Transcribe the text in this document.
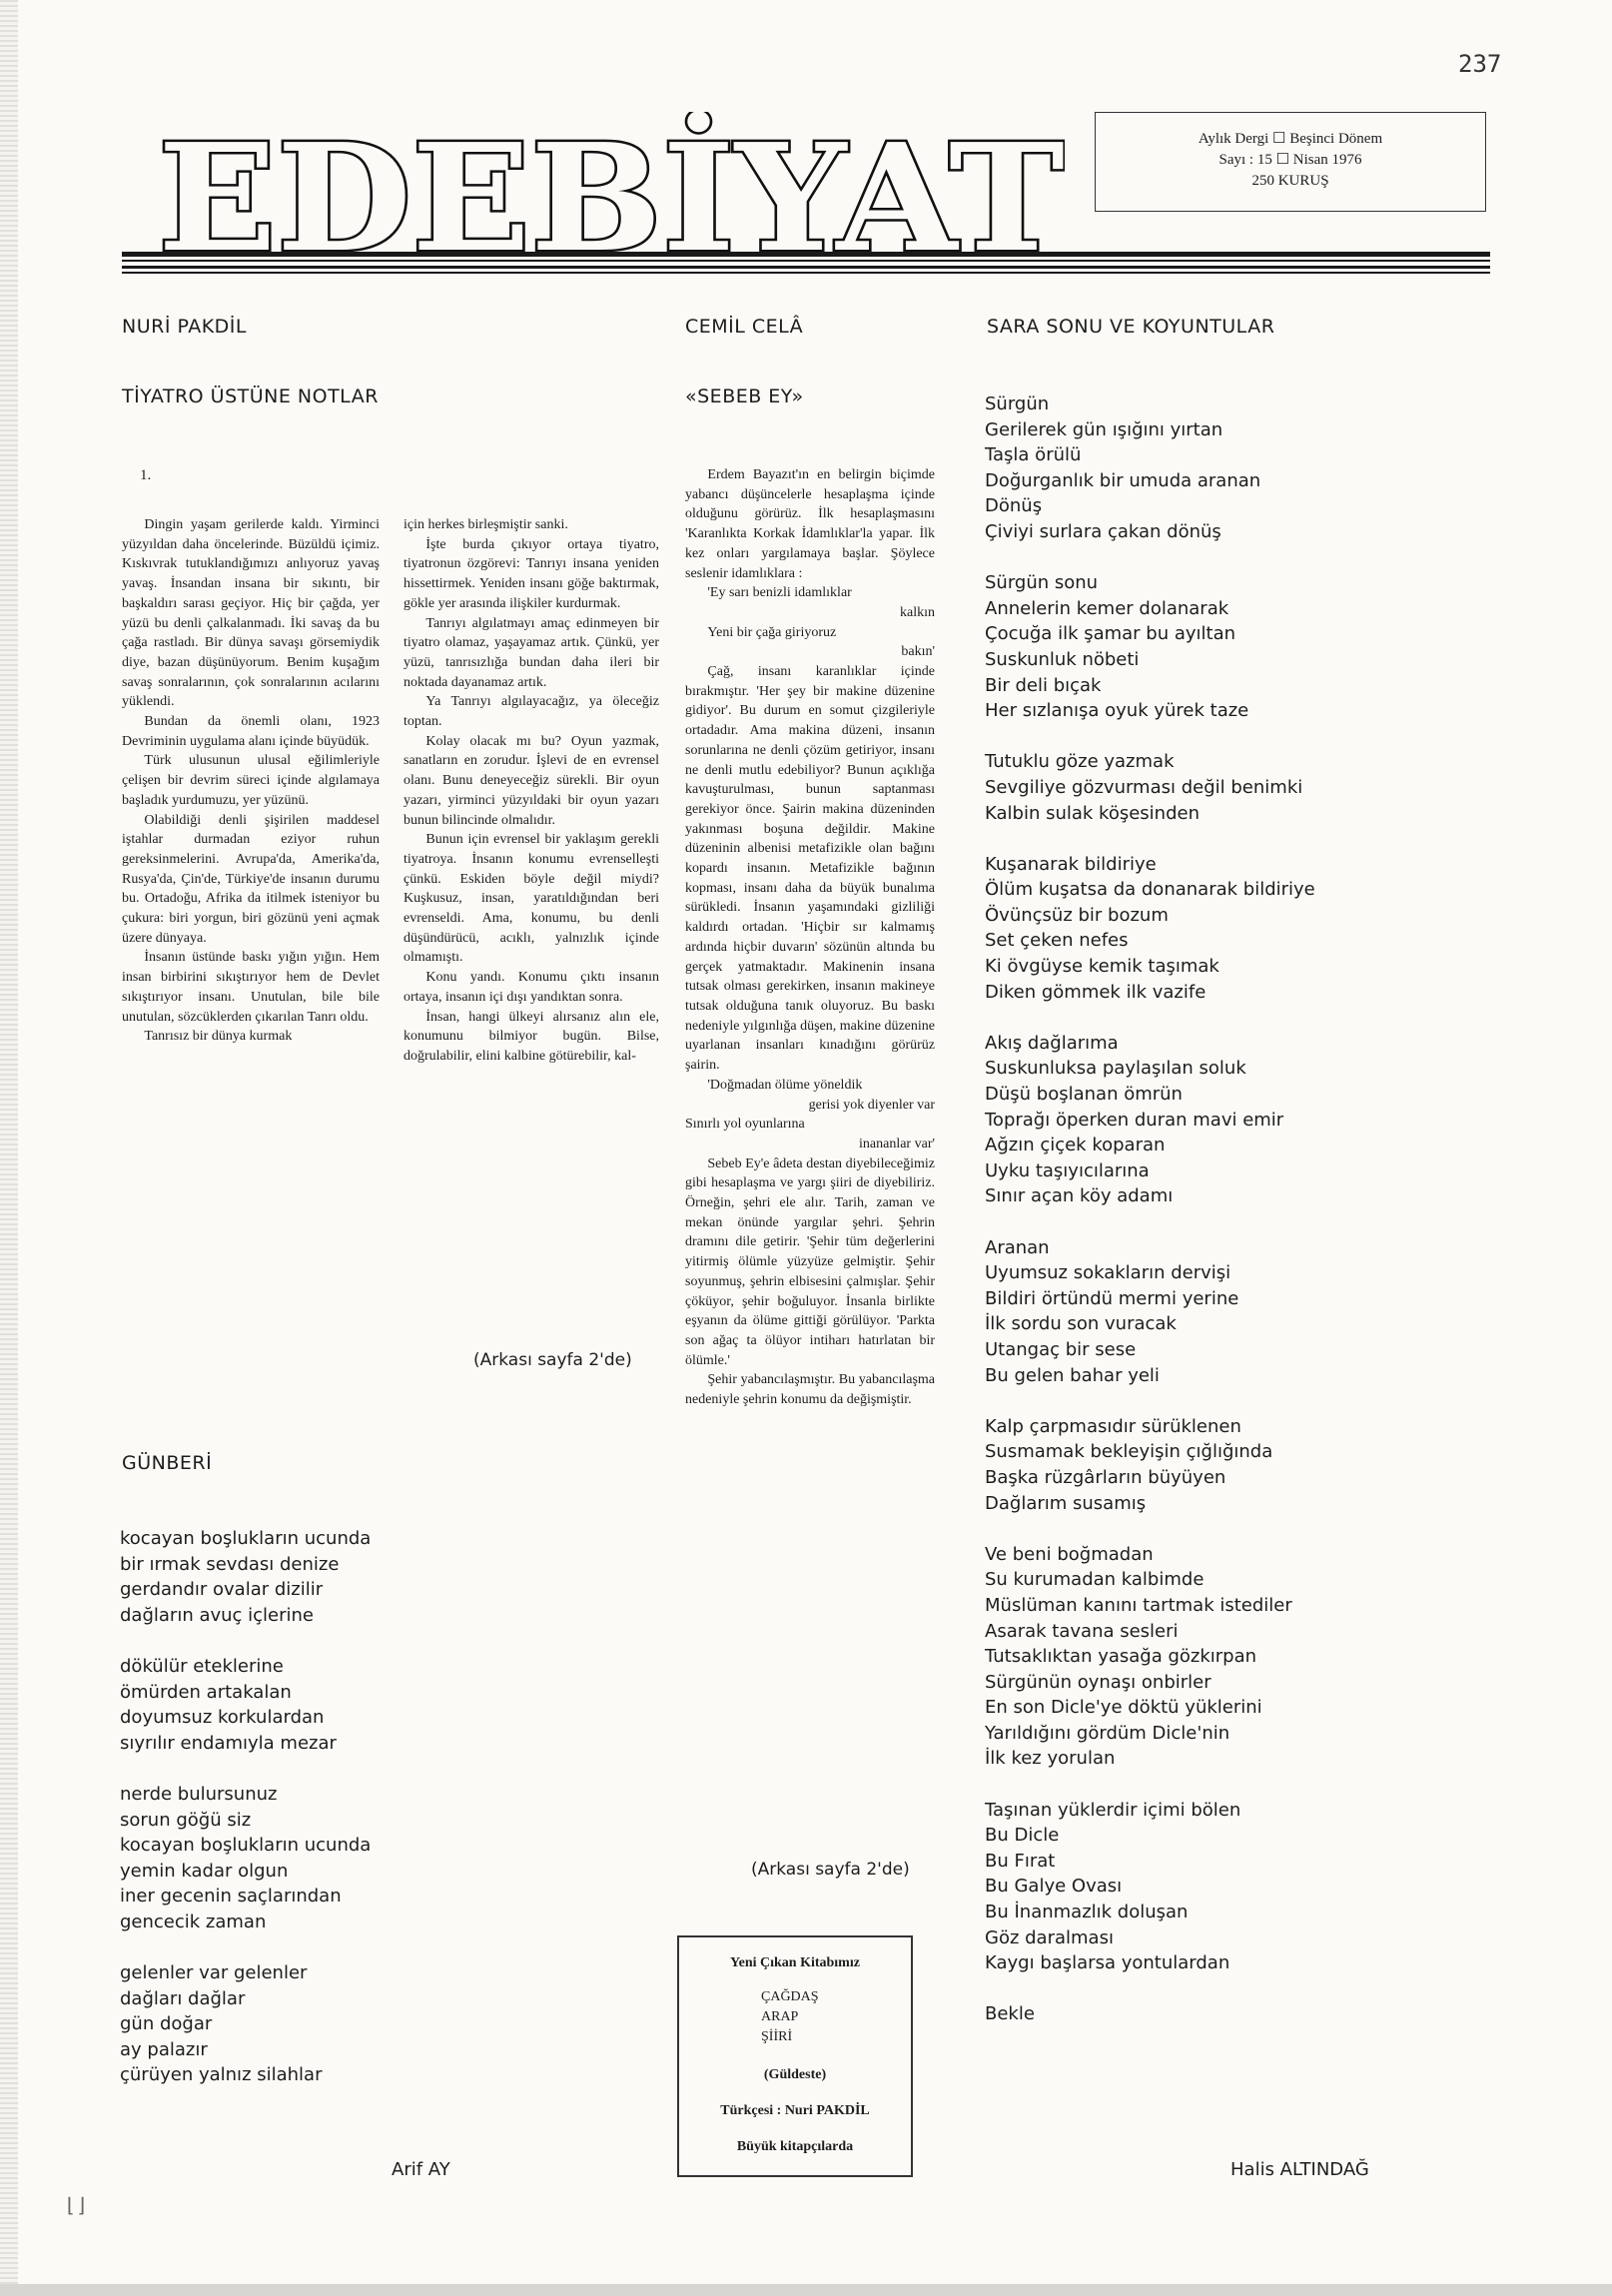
237
EDEBİYAT	Aylık Dergi ☐ Beşinci Dönem
Sayı : 15 ☐ Nisan 1976
250 KURUŞ
NURİ PAKDİL
TİYATRO ÜSTÜNE NOTLAR
1.

Dingin yaşam gerilerde kaldı. Yirminci yüzyıldan daha öncelerinde. Büzüldü içimiz. Kıskıvrak tutuklandığımızı anlıyoruz yavaş yavaş. İnsandan insana bir sıkıntı, bir başkaldırı sarası geçiyor. Hiç bir çağda, yer yüzü bu denli çalkalanmadı. İki savaş da bu çağa rastladı. Bir dünya savaşı görsemiydik diye, bazan düşünüyorum. Benim kuşağım savaş sonralarının, çok sonralarının acılarını yüklendi.

Bundan da önemli olanı, 1923 Devriminin uygulama alanı içinde büyüdük.

Türk ulusunun ulusal eğilimleriyle çelişen bir devrim süreci içinde algılamaya başladık yurdumuzu, yer yüzünü.

Olabildiği denli şişirilen maddesel iştahlar durmadan eziyor ruhun gereksinmelerini. Avrupa'da, Amerika'da, Rusya'da, Çin'de, Türkiye'de insanın durumu bu. Ortadoğu, Afrika da itilmek isteniyor bu çukura: biri yorgun, biri gözünü yeni açmak üzere dünyaya.

İnsanın üstünde baskı yığın yığın. Hem insan birbirini sıkıştırıyor hem de Devlet sıkıştırıyor insanı. Unutulan, bile bile unutulan, sözcüklerden çıkarılan Tanrı oldu.

Tanrısız bir dünya kurmak

için herkes birleşmiştir sanki.

İşte burda çıkıyor ortaya tiyatro, tiyatronun özgörevi: Tanrıyı insana yeniden hissettirmek. Yeniden insanı göğe baktırmak, gökle yer arasında ilişkiler kurdurmak.

Tanrıyı algılatmayı amaç edinmeyen bir tiyatro olamaz, yaşayamaz artık. Çünkü, yer yüzü, tanrısızlığa bundan daha ileri bir noktada dayanamaz artık.

Ya Tanrıyı algılayacağız, ya öleceğiz toptan.

Kolay olacak mı bu? Oyun yazmak, sanatların en zorudur. İşlevi de en evrensel olanı. Bunu deneyeceğiz sürekli. Bir oyun yazarı, yirminci yüzyıldaki bir oyun yazarı bunun bilincinde olmalıdır.

Bunun için evrensel bir yaklaşım gerekli tiyatroya. İnsanın konumu evrenselleşti çünkü. Eskiden böyle değil miydi? Kuşkusuz, insan, yaratıldığından beri evrenseldi. Ama, konumu, bu denli düşündürücü, acıklı, yalnızlık içinde olmamıştı.

Konu yandı. Konumu çıktı insanın ortaya, insanın içi dışı yandıktan sonra.

İnsan, hangi ülkeyi alırsanız alın ele, konumunu bilmiyor bugün. Bilse, doğrulabilir, elini kalbine götürebilir, kal-

(Arkası sayfa 2'de)
GÜNBERİ
kocayan boşlukların ucunda
bir ırmak sevdası denize
gerdandır ovalar dizilir
dağların avuç içlerine
dökülür eteklerine
ömürden artakalan
doyumsuz korkulardan
sıyrılır endamıyla mezar
nerde bulursunuz
sorun göğü siz
kocayan boşlukların ucunda
yemin kadar olgun
iner gecenin saçlarından
gencecik zaman
gelenler var gelenler
dağları dağlar
gün doğar
ay palazır
çürüyen yalnız silahlar
Arif AY
CEMİL CELÂ
«SEBEB EY»

Erdem Bayazıt'ın en belirgin biçimde yabancı düşüncelerle hesaplaşma içinde olduğunu görürüz. İlk hesaplaşmasını 'Karanlıkta Korkak İdamlıklar'la yapar. İlk kez onları yargılamaya başlar. Şöylece seslenir idamlıklara :

'Ey sarı benizli idamlıklar

kalkın

Yeni bir çağa giriyoruz

bakın'

Çağ, insanı karanlıklar içinde bırakmıştır. 'Her şey bir makine düzenine gidiyor'. Bu durum en somut çizgileriyle ortadadır. Ama makina düzeni, insanın sorunlarına ne denli çözüm getiriyor, insanı ne denli mutlu edebiliyor? Bunun açıklığa kavuşturulması, bunun saptanması gerekiyor önce. Şairin makina düzeninden yakınması boşuna değildir. Makine düzeninin albenisi metafizikle olan bağını kopardı insanın. Metafizikle bağının kopması, insanı daha da büyük bunalıma sürükledi. İnsanın yaşamındaki gizliliği kaldırdı ortadan. 'Hiçbir sır kalmamış ardında hiçbir duvarın' sözünün altında bu gerçek yatmaktadır. Makinenin insana tutsak olması gerekirken, insanın makineye tutsak olduğuna tanık oluyoruz. Bu baskı nedeniyle yılgınlığa düşen, makine düzenine uyarlanan insanları kınadığını görürüz şairin.

'Doğmadan ölüme yöneldik

gerisi yok diyenler var

Sınırlı yol oyunlarına

inananlar var'

Sebeb Ey'e âdeta destan diyebileceğimiz gibi hesaplaşma ve yargı şiiri de diyebiliriz. Örneğin, şehri ele alır. Tarih, zaman ve mekan önünde yargılar şehri. Şehrin dramını dile getirir. 'Şehir tüm değerlerini yitirmiş ölümle yüzyüze gelmiştir. Şehir soyunmuş, şehrin elbisesini çalmışlar. Şehir çöküyor, şehir boğuluyor. İnsanla birlikte eşyanın da ölüme gittiği görülüyor. 'Parkta son ağaç ta ölüyor intiharı hatırlatan bir ölümle.'

Şehir yabancılaşmıştır. Bu yabancılaşma nedeniyle şehrin konumu da değişmiştir.

(Arkası sayfa 2'de)
Yeni Çıkan Kitabımız
ÇAĞDAŞ
ARAP
ŞİİRİ
(Güldeste)
Türkçesi : Nuri PAKDİL
Büyük kitapçılarda
SARA SONU VE KOYUNTULAR
Sürgün
Gerilerek gün ışığını yırtan
Taşla örülü
Doğurganlık bir umuda aranan
Dönüş
Çiviyi surlara çakan dönüş
Sürgün sonu
Annelerin kemer dolanarak
Çocuğa ilk şamar bu ayıltan
Suskunluk nöbeti
Bir deli bıçak
Her sızlanışa oyuk yürek taze
Tutuklu göze yazmak
Sevgiliye gözvurması değil benimki
Kalbin sulak köşesinden
Kuşanarak bildiriye
Ölüm kuşatsa da donanarak bildiriye
Övünçsüz bir bozum
Set çeken nefes
Ki övgüyse kemik taşımak
Diken gömmek ilk vazife
Akış dağlarıma
Suskunluksa paylaşılan soluk
Düşü boşlanan ömrün
Toprağı öperken duran mavi emir
Ağzın çiçek koparan
Uyku taşıyıcılarına
Sınır açan köy adamı
Aranan
Uyumsuz sokakların dervişi
Bildiri örtündü mermi yerine
İlk sordu son vuracak
Utangaç bir sese
Bu gelen bahar yeli
Kalp çarpmasıdır sürüklenen
Susmamak bekleyişin çığlığında
Başka rüzgârların büyüyen
Dağlarım susamış
Ve beni boğmadan
Su kurumadan kalbimde
Müslüman kanını tartmak istediler
Asarak tavana sesleri
Tutsaklıktan yasağa gözkırpan
Sürgünün oynaşı onbirler
En son Dicle'ye döktü yüklerini
Yarıldığını gördüm Dicle'nin
İlk kez yorulan
Taşınan yüklerdir içimi bölen
Bu Dicle
Bu Fırat
Bu Galye Ovası
Bu İnanmazlık doluşan
Göz daralması
Kaygı başlarsa yontulardan
Bekle
Halis ALTINDAĞ
⌊⌋
